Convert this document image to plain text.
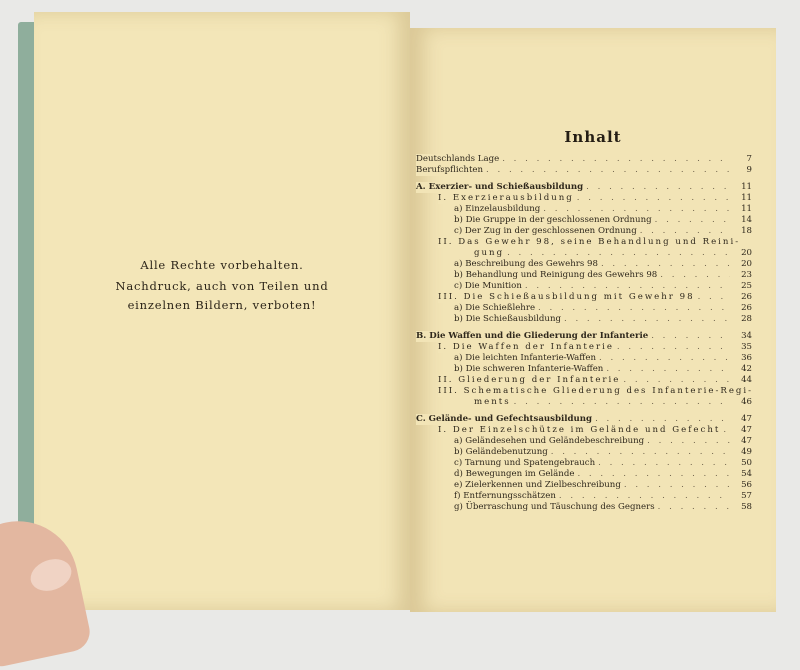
Alle Rechte vorbehalten.
Nachdruck, auch von Teilen und
einzelnen Bildern, verboten!
Inhalt
Deutschlands Lage . . .	7
Berufspflichten . . .	9
A. Exerzier- und Schießausbildung . . .	11
I. Exerzierausbildung . . .	11
a) Einzelausbildung . . .	11
b) Die Gruppe in der geschlossenen Ordnung . . .	14
c) Der Zug in der geschlossenen Ordnung . . .	18
II. Das Gewehr 98, seine Behandlung und Reini-
gung . . .	20
a) Beschreibung des Gewehrs 98 . . .	20
b) Behandlung und Reinigung des Gewehrs 98 . . .	23
c) Die Munition . . .	25
III. Die Schießausbildung mit Gewehr 98 . . .	26
a) Die Schießlehre . . .	26
b) Die Schießausbildung . . .	28
B. Die Waffen und die Gliederung der Infanterie . . .	34
I. Die Waffen der Infanterie . . .	35
a) Die leichten Infanterie-Waffen . . .	36
b) Die schweren Infanterie-Waffen . . .	42
II. Gliederung der Infanterie . . .	44
III. Schematische Gliederung des Infanterie-Regi-
ments . . .	46
C. Gelände- und Gefechtsausbildung . . .	47
I. Der Einzelschütze im Gelände und Gefecht . . .	47
a) Geländesehen und Geländebeschreibung . . .	47
b) Geländebenutzung . . .	49
c) Tarnung und Spatengebrauch . . .	50
d) Bewegungen im Gelände . . .	54
e) Zielerkennen und Zielbeschreibung . . .	56
f) Entfernungsschätzen . . .	57
g) Überraschung und Täuschung des Gegners . . .	58
